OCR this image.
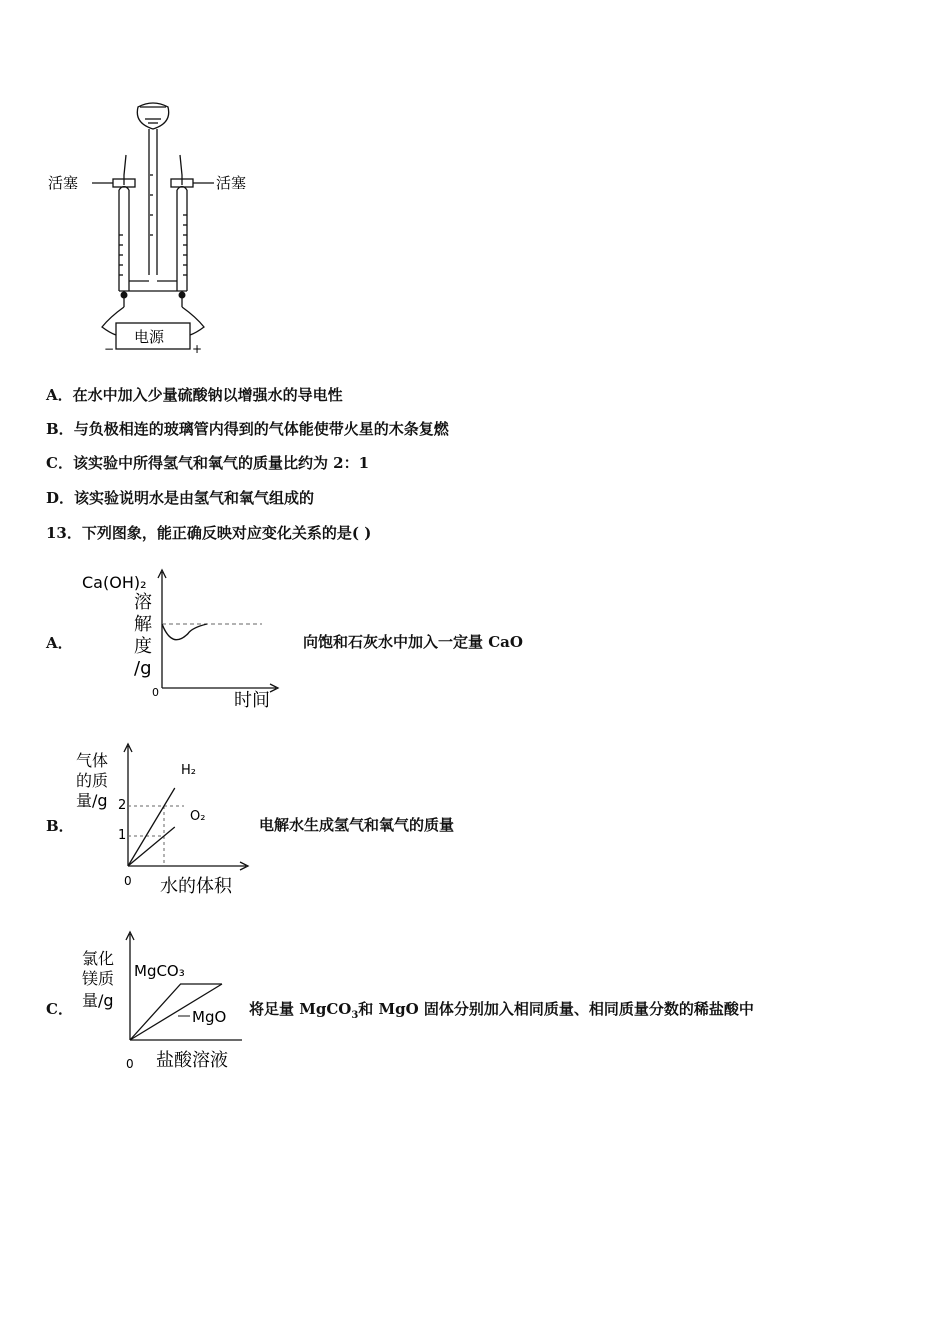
活塞	活塞
电源
−	+
A．在水中加入少量硫酸钠以增强水的导电性
B．与负极相连的玻璃管内得到的气体能使带火星的木条复燃
C．该实验中所得氢气和氧气的质量比约为 2：1
D．该实验说明水是由氢气和氧气组成的
13．下列图象，能正确反映对应变化关系的是( )
A．
Ca(OH)₂
溶
解
度
/g
0	时间
向饱和石灰水中加入一定量 CaO
B．
气体
的质
量/g
H₂
O₂
2
1
0 水的体积
电解水生成氢气和氧气的质量
C．
氯化
镁质
量/g
MgCO₃
MgO
0 盐酸溶液
将足量 MgCO$_3$和 MgO 固体分别加入相同质量、相同质量分数的稀盐酸中
